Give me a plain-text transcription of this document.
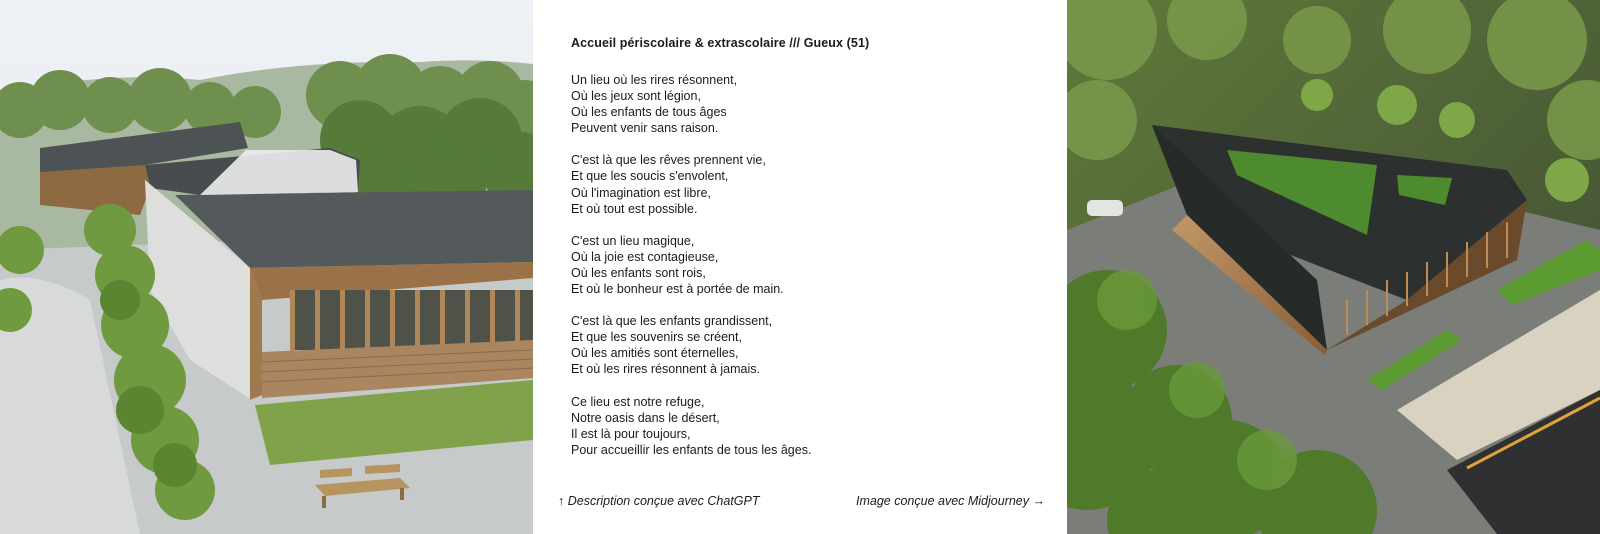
Accueil périscolaire & extrascolaire /// Gueux (51)
Un lieu où les rires résonnent,
Où les jeux sont légion,
Où les enfants de tous âges
Peuvent venir sans raison.
C'est là que les rêves prennent vie,
Et que les soucis s'envolent,
Où l'imagination est libre,
Et où tout est possible.
C'est un lieu magique,
Où la joie est contagieuse,
Où les enfants sont rois,
Et où le bonheur est à portée de main.
C'est là que les enfants grandissent,
Et que les souvenirs se créent,
Où les amitiés sont éternelles,
Et où les rires résonnent à jamais.
Ce lieu est notre refuge,
Notre oasis dans le désert,
Il est là pour toujours,
Pour accueillir les enfants de tous les âges.
↑ Description conçue avec ChatGPT	Image conçue avec Midjourney →
